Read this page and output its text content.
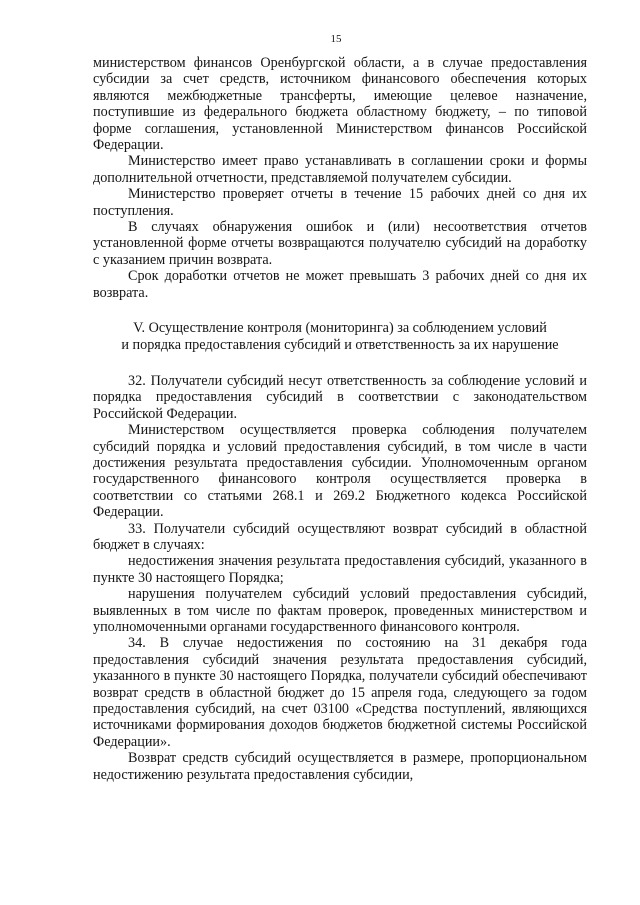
15

министерством финансов Оренбургской области, а в случае предоставления субсидии за счет средств, источником финансового обеспечения которых являются межбюджетные трансферты, имеющие целевое назначение, поступившие из федерального бюджета областному бюджету, – по типовой форме соглашения, установленной Министерством финансов Российской Федерации.

Министерство имеет право устанавливать в соглашении сроки и формы дополнительной отчетности, представляемой получателем субсидии.

Министерство проверяет отчеты в течение 15 рабочих дней со дня их поступления.

В случаях обнаружения ошибок и (или) несоответствия отчетов установленной форме отчеты возвращаются получателю субсидий на доработку с указанием причин возврата.

Срок доработки отчетов не может превышать 3 рабочих дней со дня их возврата.

V. Осуществление контроля (мониторинга) за соблюдением условий
и порядка предоставления субсидий и ответственность за их нарушение

32. Получатели субсидий несут ответственность за соблюдение условий и порядка предоставления субсидий в соответствии с законодательством Российской Федерации.

Министерством осуществляется проверка соблюдения получателем субсидий порядка и условий предоставления субсидий, в том числе в части достижения результата предоставления субсидии. Уполномоченным органом государственного финансового контроля осуществляется проверка в соответствии со статьями 268.1 и 269.2 Бюджетного кодекса Российской Федерации.

33. Получатели субсидий осуществляют возврат субсидий в областной бюджет в случаях:

недостижения значения результата предоставления субсидий, указанного в пункте 30 настоящего Порядка;

нарушения получателем субсидий условий предоставления субсидий, выявленных в том числе по фактам проверок, проведенных министерством и уполномоченными органами государственного финансового контроля.

34. В случае недостижения по состоянию на 31 декабря года предоставления субсидий значения результата предоставления субсидий, указанного в пункте 30 настоящего Порядка, получатели субсидий обеспечивают возврат средств в областной бюджет до 15 апреля года, следующего за годом предоставления субсидий, на счет 03100 «Средства поступлений, являющихся источниками формирования доходов бюджетов бюджетной системы Российской Федерации».

Возврат средств субсидий осуществляется в размере, пропорциональном недостижению результата предоставления субсидии,
